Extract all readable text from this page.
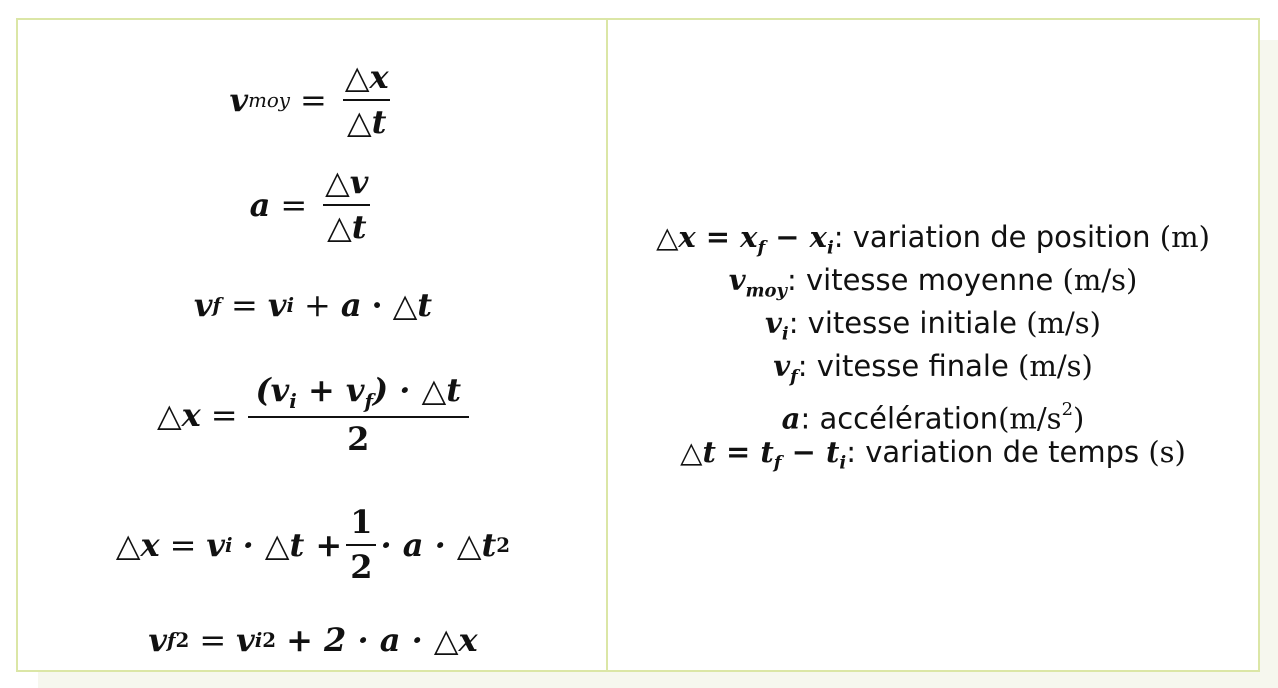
v moy = $\frac{\triangle x}{\triangle t}$
$a = \frac{\triangle v}{\triangle t}$
v f = v i + a · △t
△x = $\frac{(v_i + v_f) \cdot \triangle t}{2}$
△x = v i · △t + $\frac{1}{2} \cdot a$ · △t 2
v f 2 = v i 2 + 2 · a · △x
△x = $x_f - x_i$: variation de position (m)
$v_{moy}$: vitesse moyenne (m/s)
$v_i$: vitesse initiale (m/s)
$v_f$: vitesse finale (m/s)
a: $accélération(m/s^2)$
△t = $t_f - t_i$: variation de temps (s)
